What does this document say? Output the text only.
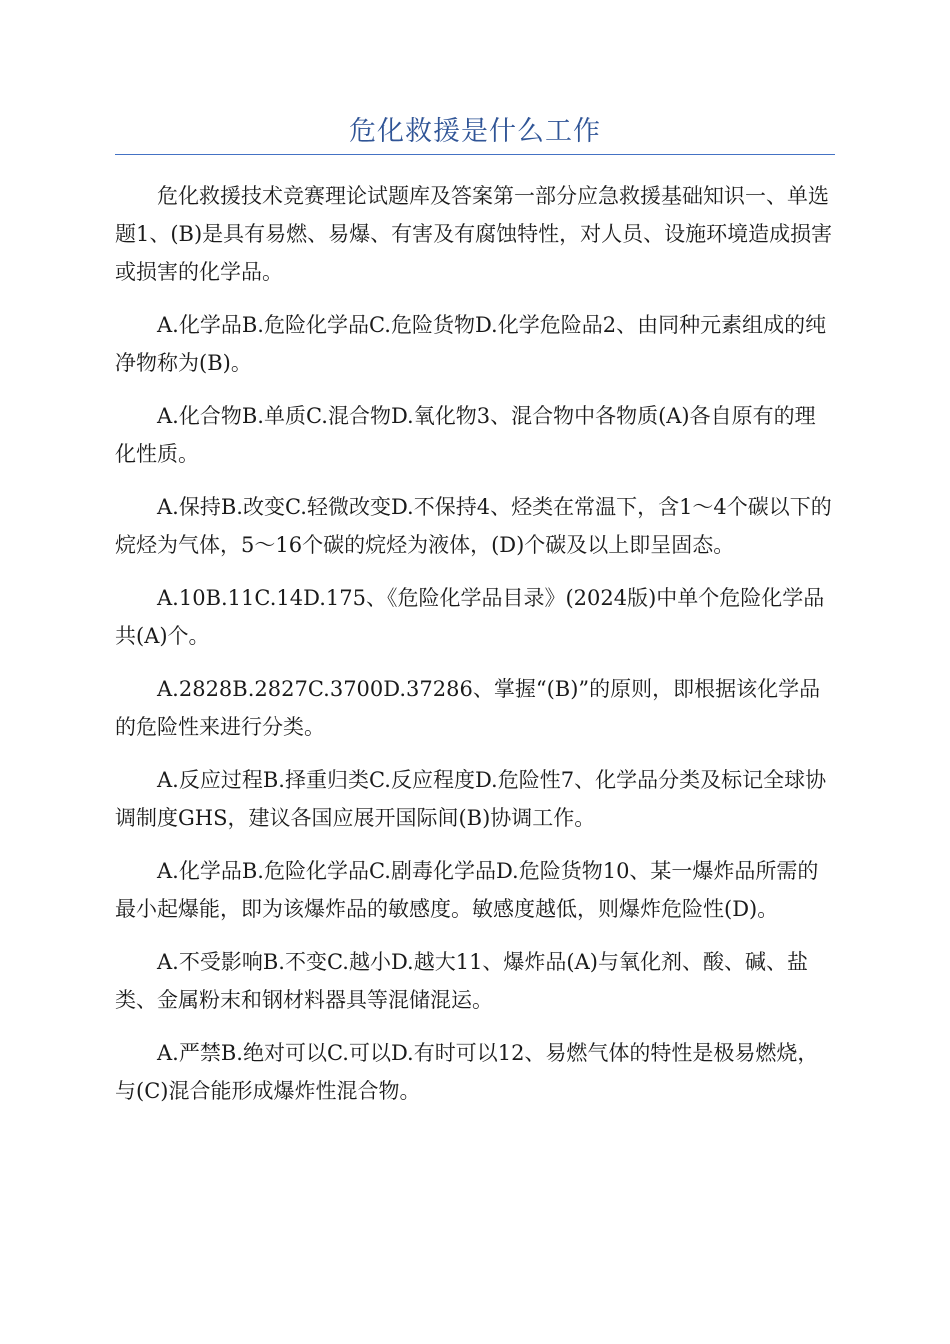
危化救援是什么工作

危化救援技术竞赛理论试题库及答案第一部分应急救援基础知识一、单选题1、(B)是具有易燃、易爆、有害及有腐蚀特性，对人员、设施环境造成损害或损害的化学品。

A.化学品B.危险化学品C.危险货物D.化学危险品2、由同种元素组成的纯净物称为(B)。

A.化合物B.单质C.混合物D.氧化物3、混合物中各物质(A)各自原有的理化性质。

A.保持B.改变C.轻微改变D.不保持4、烃类在常温下，含1～4个碳以下的烷烃为气体，5～16个碳的烷烃为液体，(D)个碳及以上即呈固态。

A.10B.11C.14D.175、《危险化学品目录》(2024版)中单个危险化学品共(A)个。

A.2828B.2827C.3700D.37286、掌握“(B)”的原则，即根据该化学品的危险性来进行分类。

A.反应过程B.择重归类C.反应程度D.危险性7、化学品分类及标记全球协调制度GHS，建议各国应展开国际间(B)协调工作。

A.化学品B.危险化学品C.剧毒化学品D.危险货物10、某一爆炸品所需的最小起爆能，即为该爆炸品的敏感度。敏感度越低，则爆炸危险性(D)。

A.不受影响B.不变C.越小D.越大11、爆炸品(A)与氧化剂、酸、碱、盐类、金属粉末和钢材料器具等混储混运。

A.严禁B.绝对可以C.可以D.有时可以12、易燃气体的特性是极易燃烧，与(C)混合能形成爆炸性混合物。
